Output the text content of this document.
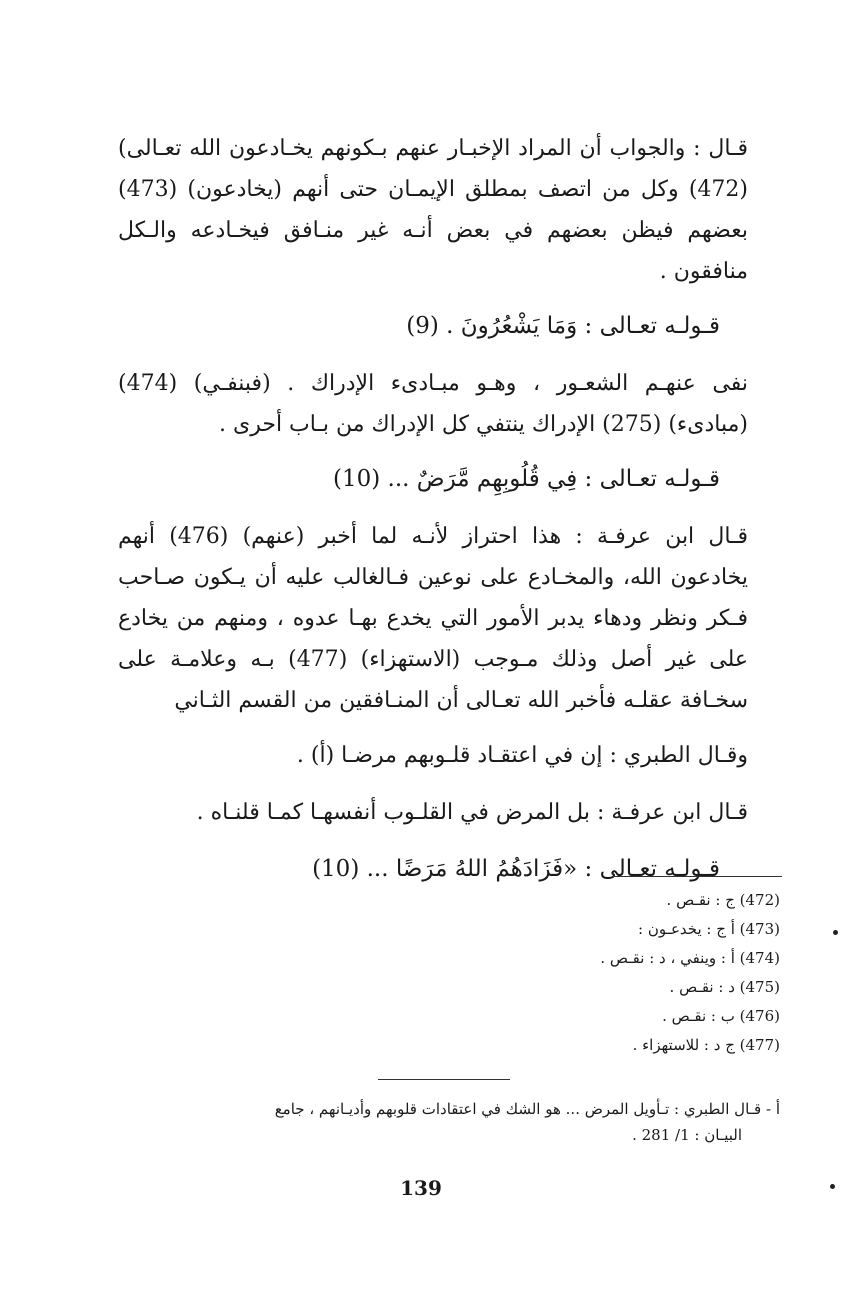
قـال : والجواب أن المراد الإخبـار عنهم بـكونهم يخـادعون الله تعـالى) (472) وكل من اتصف بمطلق الإيمـان حتى أنهم (يخادعون) (473) بعضهم فيظن بعضهم في بعض أنـه غير منـافق فيخـادعه والـكل منافقون .

قـولـه تعـالى : وَمَا يَشْعُرُونَ . (9)

نفى عنهـم الشعـور ، وهـو مبـادىء الإدراك . (فبنفـي) (474) (مبادىء) (275) الإدراك ينتفي كل الإدراك من بـاب أحرى .

قـولـه تعـالى : فِي قُلُوبِهِم مَّرَضٌ ... (10)

قـال ابن عرفـة : هذا احتراز لأنـه لما أخبر (عنهم) (476) أنهم يخادعون الله، والمخـادع على نوعين فـالغالب عليه أن يـكون صـاحب فـكر ونظر ودهاء يدبر الأمور التي يخدع بهـا عدوه ، ومنهم من يخادع على غير أصل وذلك مـوجب (الاستهزاء) (477) بـه وعلامـة على سخـافة عقلـه فأخبر الله تعـالى أن المنـافقين من القسم الثـاني

وقـال الطبري : إن في اعتقـاد قلـوبهم مرضـا (أ) .

قـال ابن عرفـة : بل المرض في القلـوب أنفسهـا كمـا قلنـاه .

قـولـه تعـالى : «فَزَادَهُمُ اللهُ مَرَضًا ... (10)

(472) ج : نقـص .
(473) أ ج : يخدعـون :
(474) أ : وينفي ، د : نقـص .
(475) د : نقـص .
(476) ب : نقـص .
(477) ج د : للاستهزاء .
أ - قـال الطبري : تـأويل المرض ... هو الشك في اعتقادات قلوبهم وأديـانهم ، جامع
البيـان : 1/ 281 .
139
